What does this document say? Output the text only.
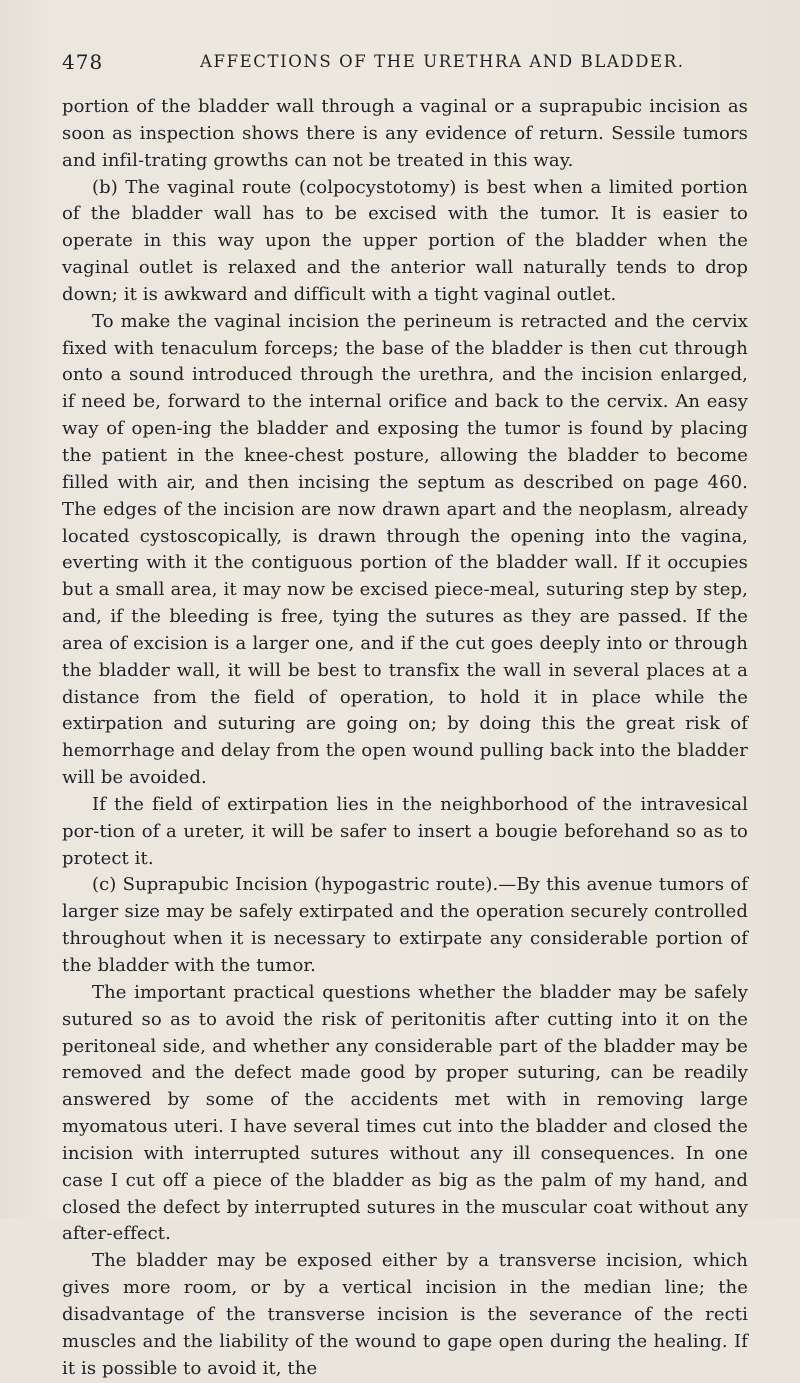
478	AFFECTIONS OF THE URETHRA AND BLADDER.

portion of the bladder wall through a vaginal or a suprapubic incision as soon as inspection shows there is any evidence of return. Sessile tumors and infil-trating growths can not be treated in this way.

(b) The vaginal route (colpocystotomy) is best when a limited portion of the bladder wall has to be excised with the tumor. It is easier to operate in this way upon the upper portion of the bladder when the vaginal outlet is relaxed and the anterior wall naturally tends to drop down; it is awkward and difficult with a tight vaginal outlet.

To make the vaginal incision the perineum is retracted and the cervix fixed with tenaculum forceps; the base of the bladder is then cut through onto a sound introduced through the urethra, and the incision enlarged, if need be, forward to the internal orifice and back to the cervix. An easy way of open-ing the bladder and exposing the tumor is found by placing the patient in the knee-chest posture, allowing the bladder to become filled with air, and then incising the septum as described on page 460. The edges of the incision are now drawn apart and the neoplasm, already located cystoscopically, is drawn through the opening into the vagina, everting with it the contiguous portion of the bladder wall. If it occupies but a small area, it may now be excised piece-meal, suturing step by step, and, if the bleeding is free, tying the sutures as they are passed. If the area of excision is a larger one, and if the cut goes deeply into or through the bladder wall, it will be best to transfix the wall in several places at a distance from the field of operation, to hold it in place while the extirpation and suturing are going on; by doing this the great risk of hemorrhage and delay from the open wound pulling back into the bladder will be avoided.

If the field of extirpation lies in the neighborhood of the intravesical por-tion of a ureter, it will be safer to insert a bougie beforehand so as to protect it.

(c) Suprapubic Incision (hypogastric route).—By this avenue tumors of larger size may be safely extirpated and the operation securely controlled throughout when it is necessary to extirpate any considerable portion of the bladder with the tumor.

The important practical questions whether the bladder may be safely sutured so as to avoid the risk of peritonitis after cutting into it on the peritoneal side, and whether any considerable part of the bladder may be removed and the defect made good by proper suturing, can be readily answered by some of the accidents met with in removing large myomatous uteri. I have several times cut into the bladder and closed the incision with interrupted sutures without any ill consequences. In one case I cut off a piece of the bladder as big as the palm of my hand, and closed the defect by interrupted sutures in the muscular coat without any after-effect.

The bladder may be exposed either by a transverse incision, which gives more room, or by a vertical incision in the median line; the disadvantage of the transverse incision is the severance of the recti muscles and the liability of the wound to gape open during the healing. If it is possible to avoid it, the
